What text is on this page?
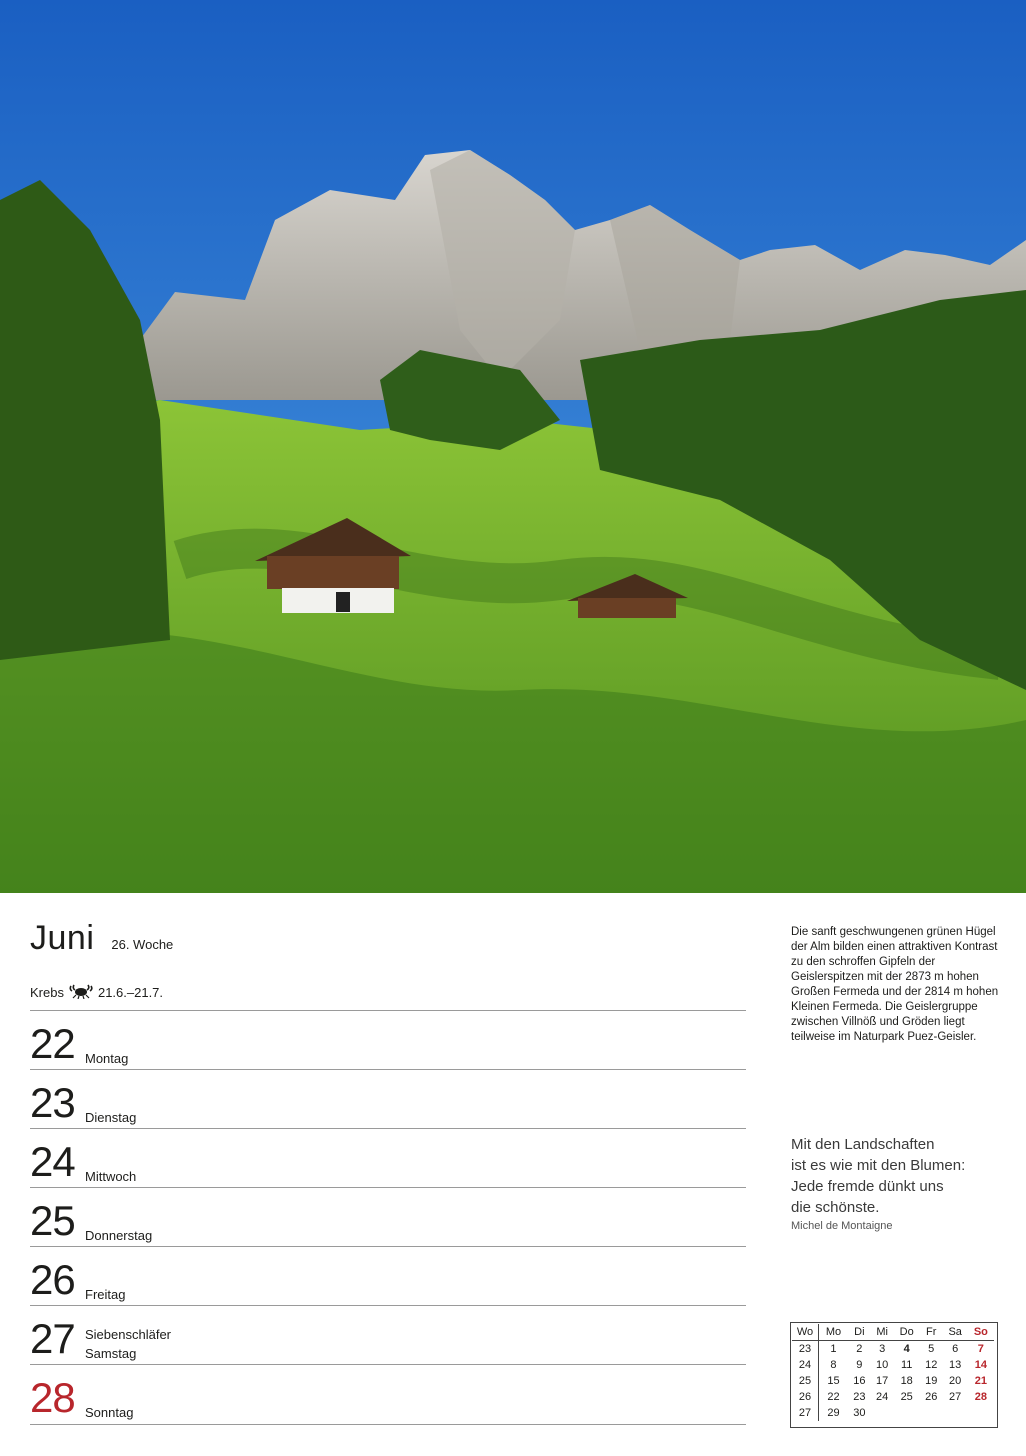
Juni 26. Woche
Krebs	21.6.–21.7.
22 Montag
23 Dienstag
24 Mittwoch
25 Donnerstag
26 Freitag
27 Siebenschläfer
Samstag
28 Sonntag
Die sanft geschwungenen grünen Hügel der Alm bilden einen attraktiven Kontrast zu den schroffen Gipfeln der Geislerspitzen mit der 2873 m hohen Großen Fermeda und der 2814 m hohen Kleinen Fermeda. Die Geislergruppe zwischen Villnöß und Gröden liegt teilweise im Naturpark Puez-Geisler.
Mit den Landschaften
ist es wie mit den Blumen:
Jede fremde dünkt uns
die schönste.
Michel de Montaigne
Wo	Mo	Di	Mi	Do	Fr	Sa	So
23	1	2	3	4	5	6	7
24	8	9	10	11	12	13	14
25	15	16	17	18	19	20	21
26	22	23	24	25	26	27	28
27	29	30					
